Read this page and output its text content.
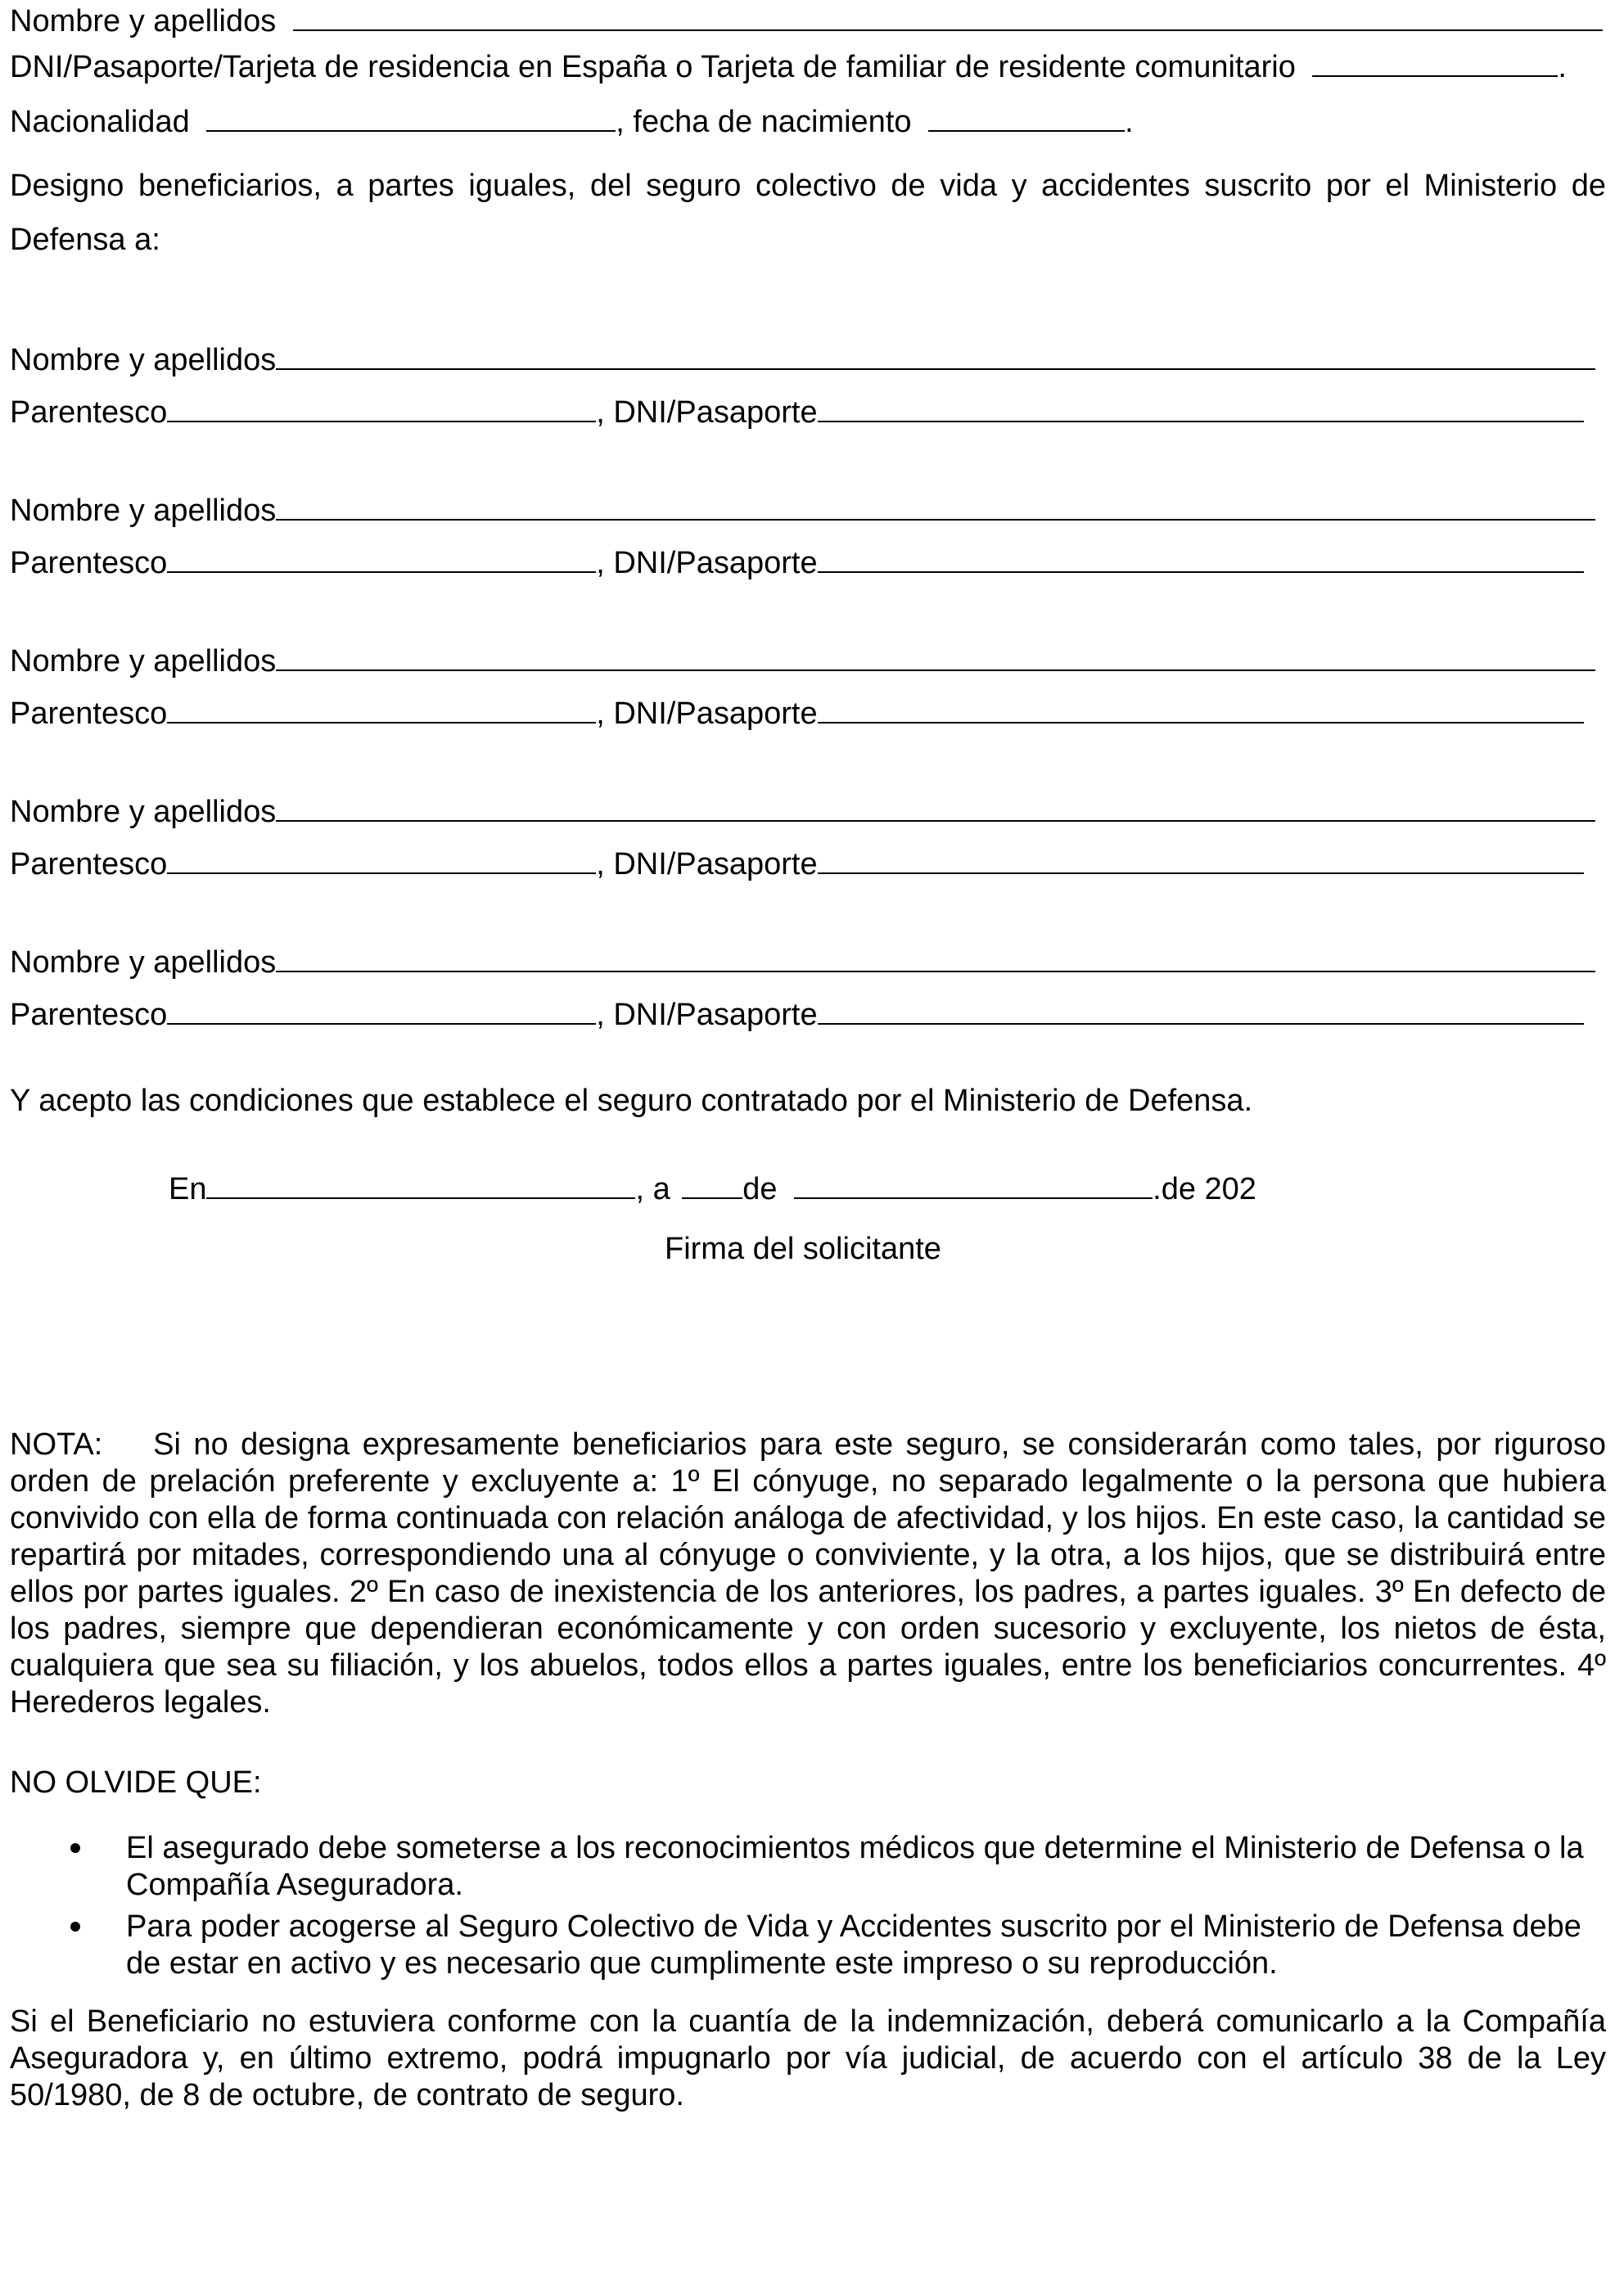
Nombre y apellidos
DNI/Pasaporte/Tarjeta de residencia en España o Tarjeta de familiar de residente comunitario	.
Nacionalidad	, fecha de nacimiento	.
Designo beneficiarios, a partes iguales, del seguro colectivo de vida y accidentes suscrito por el Ministerio de Defensa a:
Nombre y apellidos
Parentesco	, DNI/Pasaporte
Nombre y apellidos
Parentesco	, DNI/Pasaporte
Nombre y apellidos
Parentesco	, DNI/Pasaporte
Nombre y apellidos
Parentesco	, DNI/Pasaporte
Nombre y apellidos
Parentesco	, DNI/Pasaporte
Y acepto las condiciones que establece el seguro contratado por el Ministerio de Defensa.
En	, a de	.de 202
Firma del solicitante
NOTA:    Si no designa expresamente beneficiarios para este seguro, se considerarán como tales, por riguroso orden de prelación preferente y excluyente a: 1º El cónyuge, no separado legalmente o la persona que hubiera convivido con ella de forma continuada con relación análoga de afectividad, y los hijos. En este caso, la cantidad se repartirá por mitades, correspondiendo una al cónyuge o conviviente, y la otra, a los hijos, que se distribuirá entre ellos por partes iguales. 2º En caso de inexistencia de los anteriores, los padres, a partes iguales. 3º En defecto de los padres, siempre que dependieran económicamente y con orden sucesorio y excluyente, los nietos de ésta, cualquiera que sea su filiación, y los abuelos, todos ellos a partes iguales, entre los beneficiarios concurrentes. 4º Herederos legales.
NO OLVIDE QUE:
El asegurado debe someterse a los reconocimientos médicos que determine el Ministerio de Defensa o la Compañía Aseguradora.
Para poder acogerse al Seguro Colectivo de Vida y Accidentes suscrito por el Ministerio de Defensa debe de estar en activo y es necesario que cumplimente este impreso o su reproducción.
Si el Beneficiario no estuviera conforme con la cuantía de la indemnización, deberá comunicarlo a la Compañía Aseguradora y, en último extremo, podrá impugnarlo por vía judicial, de acuerdo con el artículo 38 de la Ley 50/1980, de 8 de octubre, de contrato de seguro.
